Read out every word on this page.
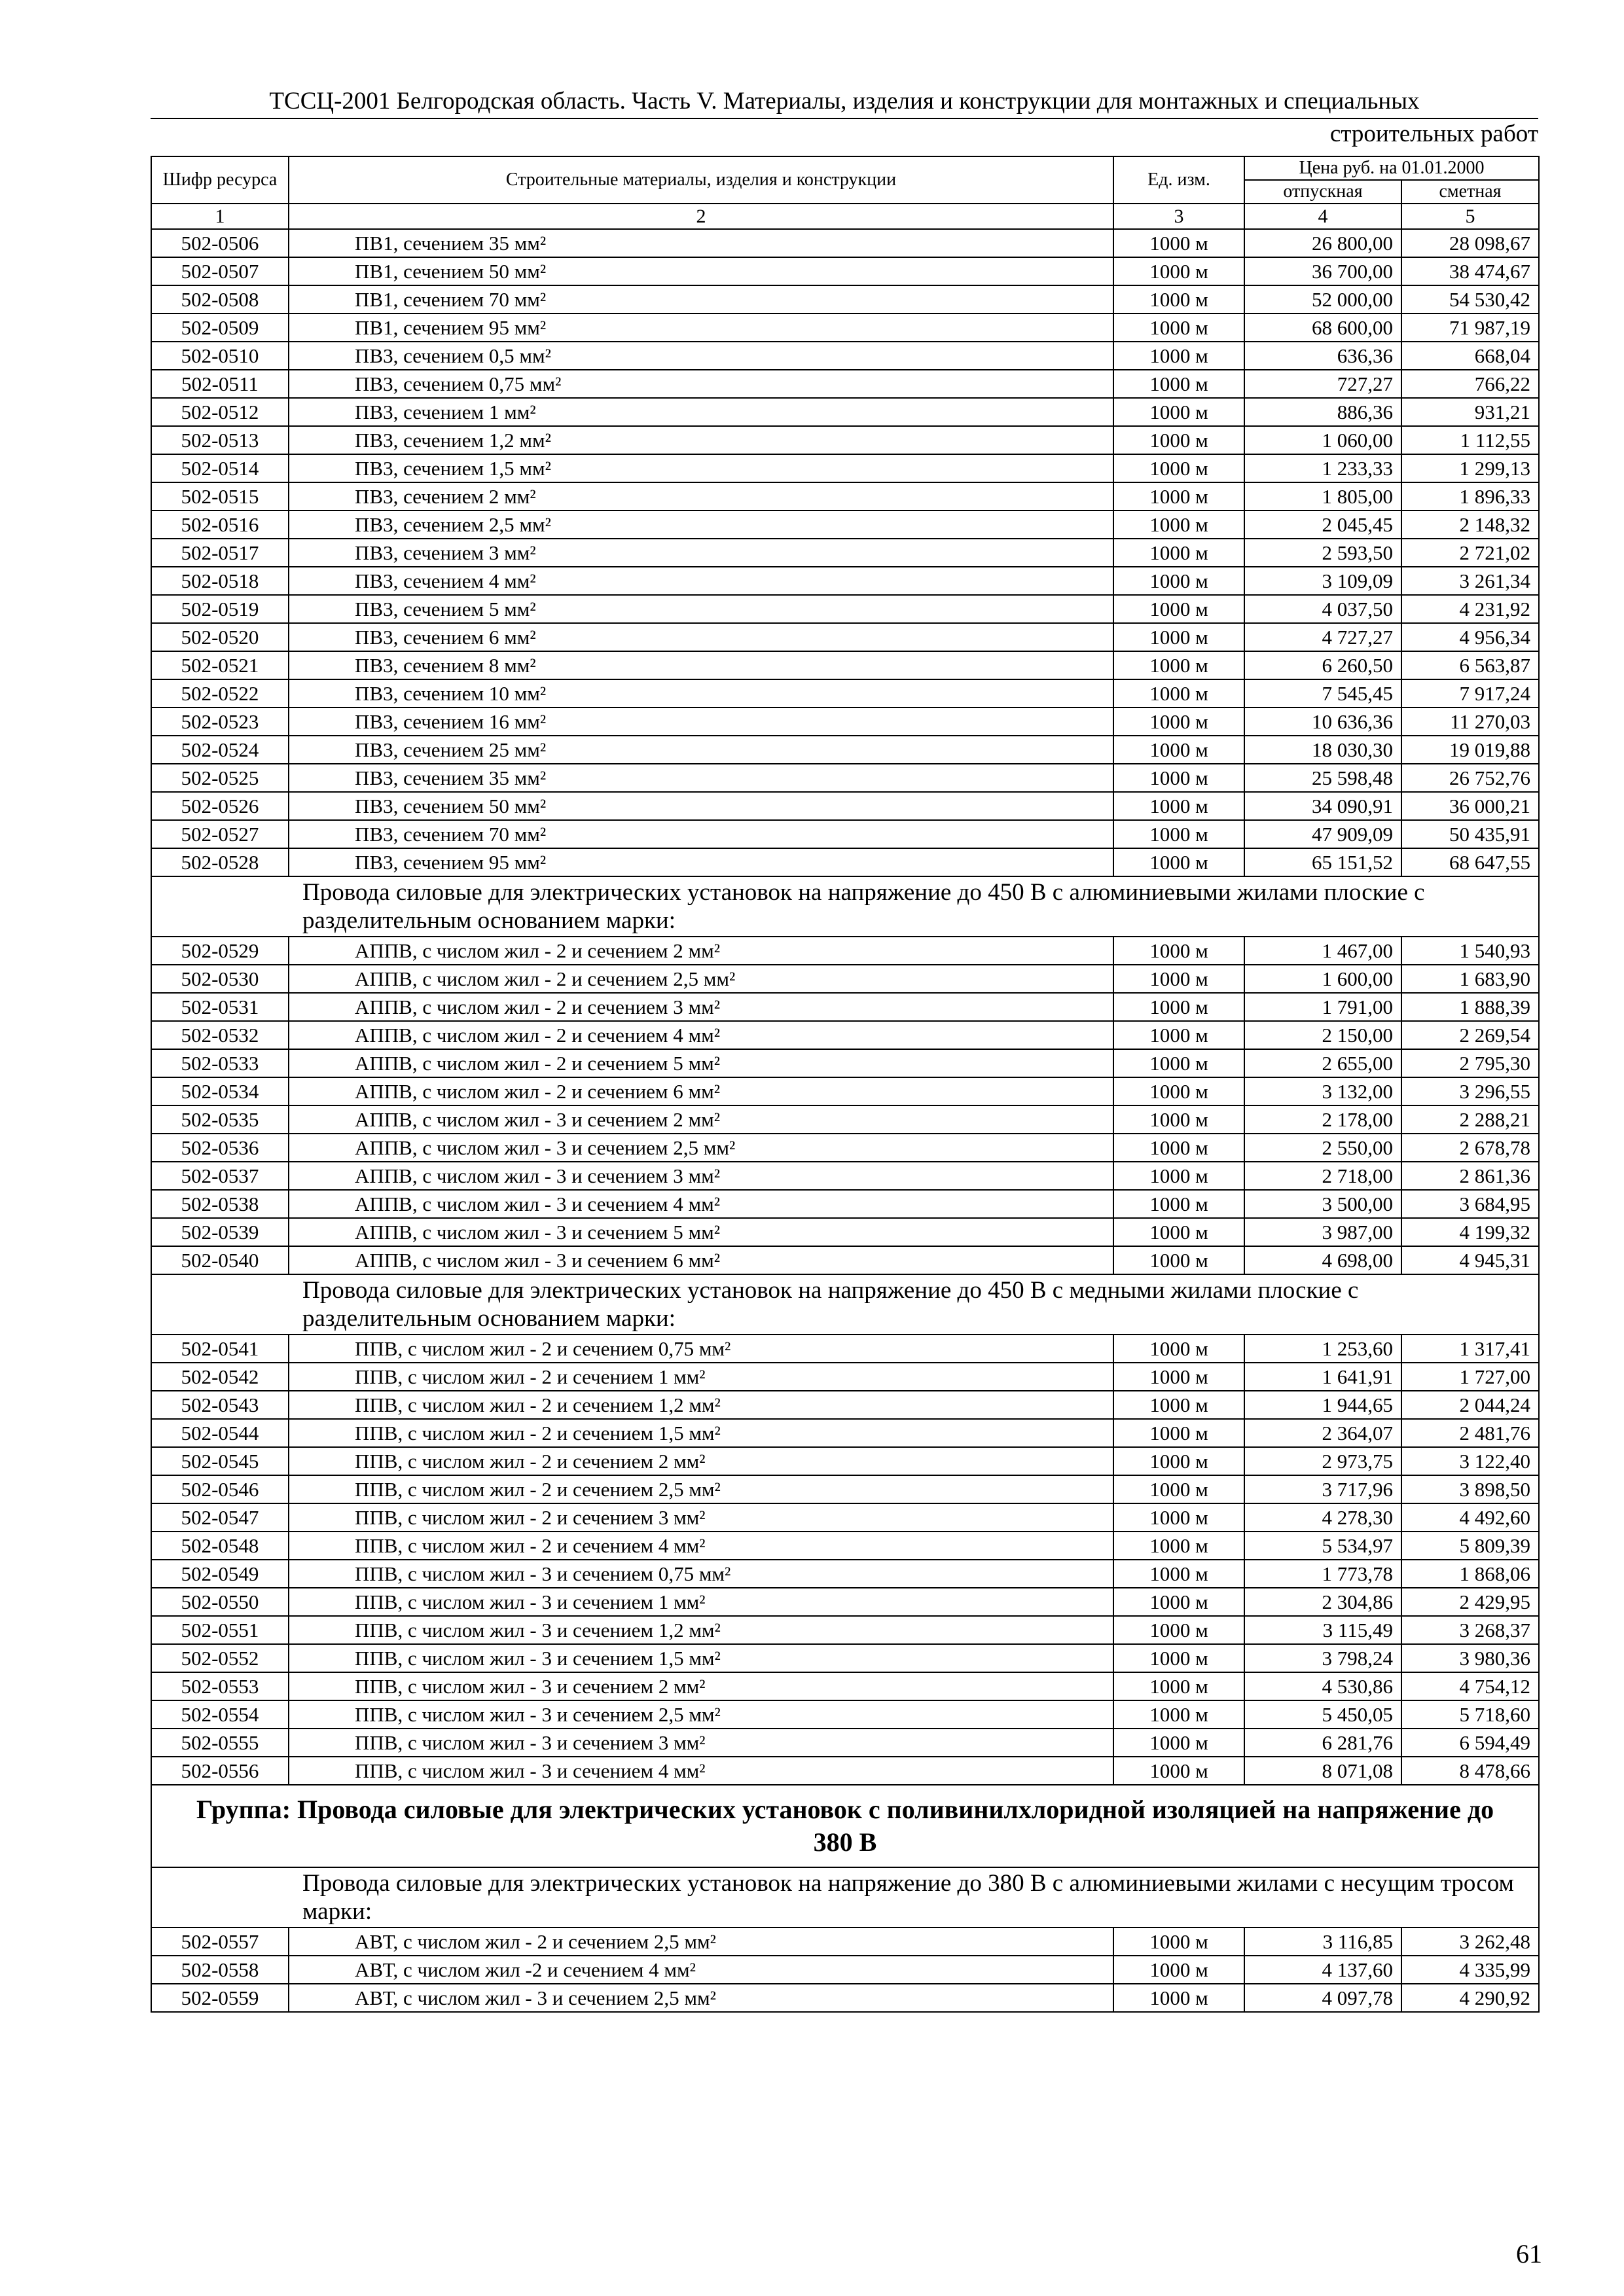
ТССЦ-2001 Белгородская область. Часть V. Материалы, изделия и конструкции для монтажных и специальных
строительных работ
Шифр ресурса	Строительные материалы, изделия и конструкции	Ед. изм.	Цена руб. на 01.01.2000	
			отпускная	сметная
1	2	3	4	5
502-0506	ПВ1, сечением 35 мм²	1000 м	26 800,00	28 098,67
502-0507	ПВ1, сечением 50 мм²	1000 м	36 700,00	38 474,67
502-0508	ПВ1, сечением 70 мм²	1000 м	52 000,00	54 530,42
502-0509	ПВ1, сечением 95 мм²	1000 м	68 600,00	71 987,19
502-0510	ПВ3, сечением 0,5 мм²	1000 м	636,36	668,04
502-0511	ПВ3, сечением 0,75 мм²	1000 м	727,27	766,22
502-0512	ПВ3, сечением 1 мм²	1000 м	886,36	931,21
502-0513	ПВ3, сечением 1,2 мм²	1000 м	1 060,00	1 112,55
502-0514	ПВ3, сечением 1,5 мм²	1000 м	1 233,33	1 299,13
502-0515	ПВ3, сечением 2 мм²	1000 м	1 805,00	1 896,33
502-0516	ПВ3, сечением 2,5 мм²	1000 м	2 045,45	2 148,32
502-0517	ПВ3, сечением 3 мм²	1000 м	2 593,50	2 721,02
502-0518	ПВ3, сечением 4 мм²	1000 м	3 109,09	3 261,34
502-0519	ПВ3, сечением 5 мм²	1000 м	4 037,50	4 231,92
502-0520	ПВ3, сечением 6 мм²	1000 м	4 727,27	4 956,34
502-0521	ПВ3, сечением 8 мм²	1000 м	6 260,50	6 563,87
502-0522	ПВ3, сечением 10 мм²	1000 м	7 545,45	7 917,24
502-0523	ПВ3, сечением 16 мм²	1000 м	10 636,36	11 270,03
502-0524	ПВ3, сечением 25 мм²	1000 м	18 030,30	19 019,88
502-0525	ПВ3, сечением 35 мм²	1000 м	25 598,48	26 752,76
502-0526	ПВ3, сечением 50 мм²	1000 м	34 090,91	36 000,21
502-0527	ПВ3, сечением 70 мм²	1000 м	47 909,09	50 435,91
502-0528	ПВ3, сечением 95 мм²	1000 м	65 151,52	68 647,55
Провода силовые для электрических установок на напряжение до 450 В с алюминиевыми жилами плоские с разделительным основанием марки:				
502-0529	АППВ, с числом жил - 2 и сечением 2 мм²	1000 м	1 467,00	1 540,93
502-0530	АППВ, с числом жил - 2 и сечением 2,5 мм²	1000 м	1 600,00	1 683,90
502-0531	АППВ, с числом жил - 2 и сечением 3 мм²	1000 м	1 791,00	1 888,39
502-0532	АППВ, с числом жил - 2 и сечением 4 мм²	1000 м	2 150,00	2 269,54
502-0533	АППВ, с числом жил - 2 и сечением 5 мм²	1000 м	2 655,00	2 795,30
502-0534	АППВ, с числом жил - 2 и сечением 6 мм²	1000 м	3 132,00	3 296,55
502-0535	АППВ, с числом жил - 3 и сечением 2 мм²	1000 м	2 178,00	2 288,21
502-0536	АППВ, с числом жил - 3 и сечением 2,5 мм²	1000 м	2 550,00	2 678,78
502-0537	АППВ, с числом жил - 3 и сечением 3 мм²	1000 м	2 718,00	2 861,36
502-0538	АППВ, с числом жил - 3 и сечением 4 мм²	1000 м	3 500,00	3 684,95
502-0539	АППВ, с числом жил - 3 и сечением 5 мм²	1000 м	3 987,00	4 199,32
502-0540	АППВ, с числом жил - 3 и сечением 6 мм²	1000 м	4 698,00	4 945,31
Провода силовые для электрических установок на напряжение до 450 В с медными жилами плоские с разделительным основанием марки:				
502-0541	ППВ, с числом жил - 2 и сечением 0,75 мм²	1000 м	1 253,60	1 317,41
502-0542	ППВ, с числом жил - 2 и сечением 1 мм²	1000 м	1 641,91	1 727,00
502-0543	ППВ, с числом жил - 2 и сечением 1,2 мм²	1000 м	1 944,65	2 044,24
502-0544	ППВ, с числом жил - 2 и сечением 1,5 мм²	1000 м	2 364,07	2 481,76
502-0545	ППВ, с числом жил - 2 и сечением 2 мм²	1000 м	2 973,75	3 122,40
502-0546	ППВ, с числом жил - 2 и сечением 2,5 мм²	1000 м	3 717,96	3 898,50
502-0547	ППВ, с числом жил - 2 и сечением 3 мм²	1000 м	4 278,30	4 492,60
502-0548	ППВ, с числом жил - 2 и сечением 4 мм²	1000 м	5 534,97	5 809,39
502-0549	ППВ, с числом жил - 3 и сечением 0,75 мм²	1000 м	1 773,78	1 868,06
502-0550	ППВ, с числом жил - 3 и сечением 1 мм²	1000 м	2 304,86	2 429,95
502-0551	ППВ, с числом жил - 3 и сечением 1,2 мм²	1000 м	3 115,49	3 268,37
502-0552	ППВ, с числом жил - 3 и сечением 1,5 мм²	1000 м	3 798,24	3 980,36
502-0553	ППВ, с числом жил - 3 и сечением 2 мм²	1000 м	4 530,86	4 754,12
502-0554	ППВ, с числом жил - 3 и сечением 2,5 мм²	1000 м	5 450,05	5 718,60
502-0555	ППВ, с числом жил - 3 и сечением 3 мм²	1000 м	6 281,76	6 594,49
502-0556	ППВ, с числом жил - 3 и сечением 4 мм²	1000 м	8 071,08	8 478,66
Группа: Провода силовые для электрических установок с поливинилхлоридной изоляцией на напряжение до 380 В				
Провода силовые для электрических установок на напряжение до 380 В с алюминиевыми жилами с несущим тросом марки:				
502-0557	АВТ, с числом жил - 2 и сечением 2,5 мм²	1000 м	3 116,85	3 262,48
502-0558	АВТ, с числом жил -2 и сечением 4 мм²	1000 м	4 137,60	4 335,99
502-0559	АВТ, с числом жил - 3 и сечением 2,5 мм²	1000 м	4 097,78	4 290,92
61
